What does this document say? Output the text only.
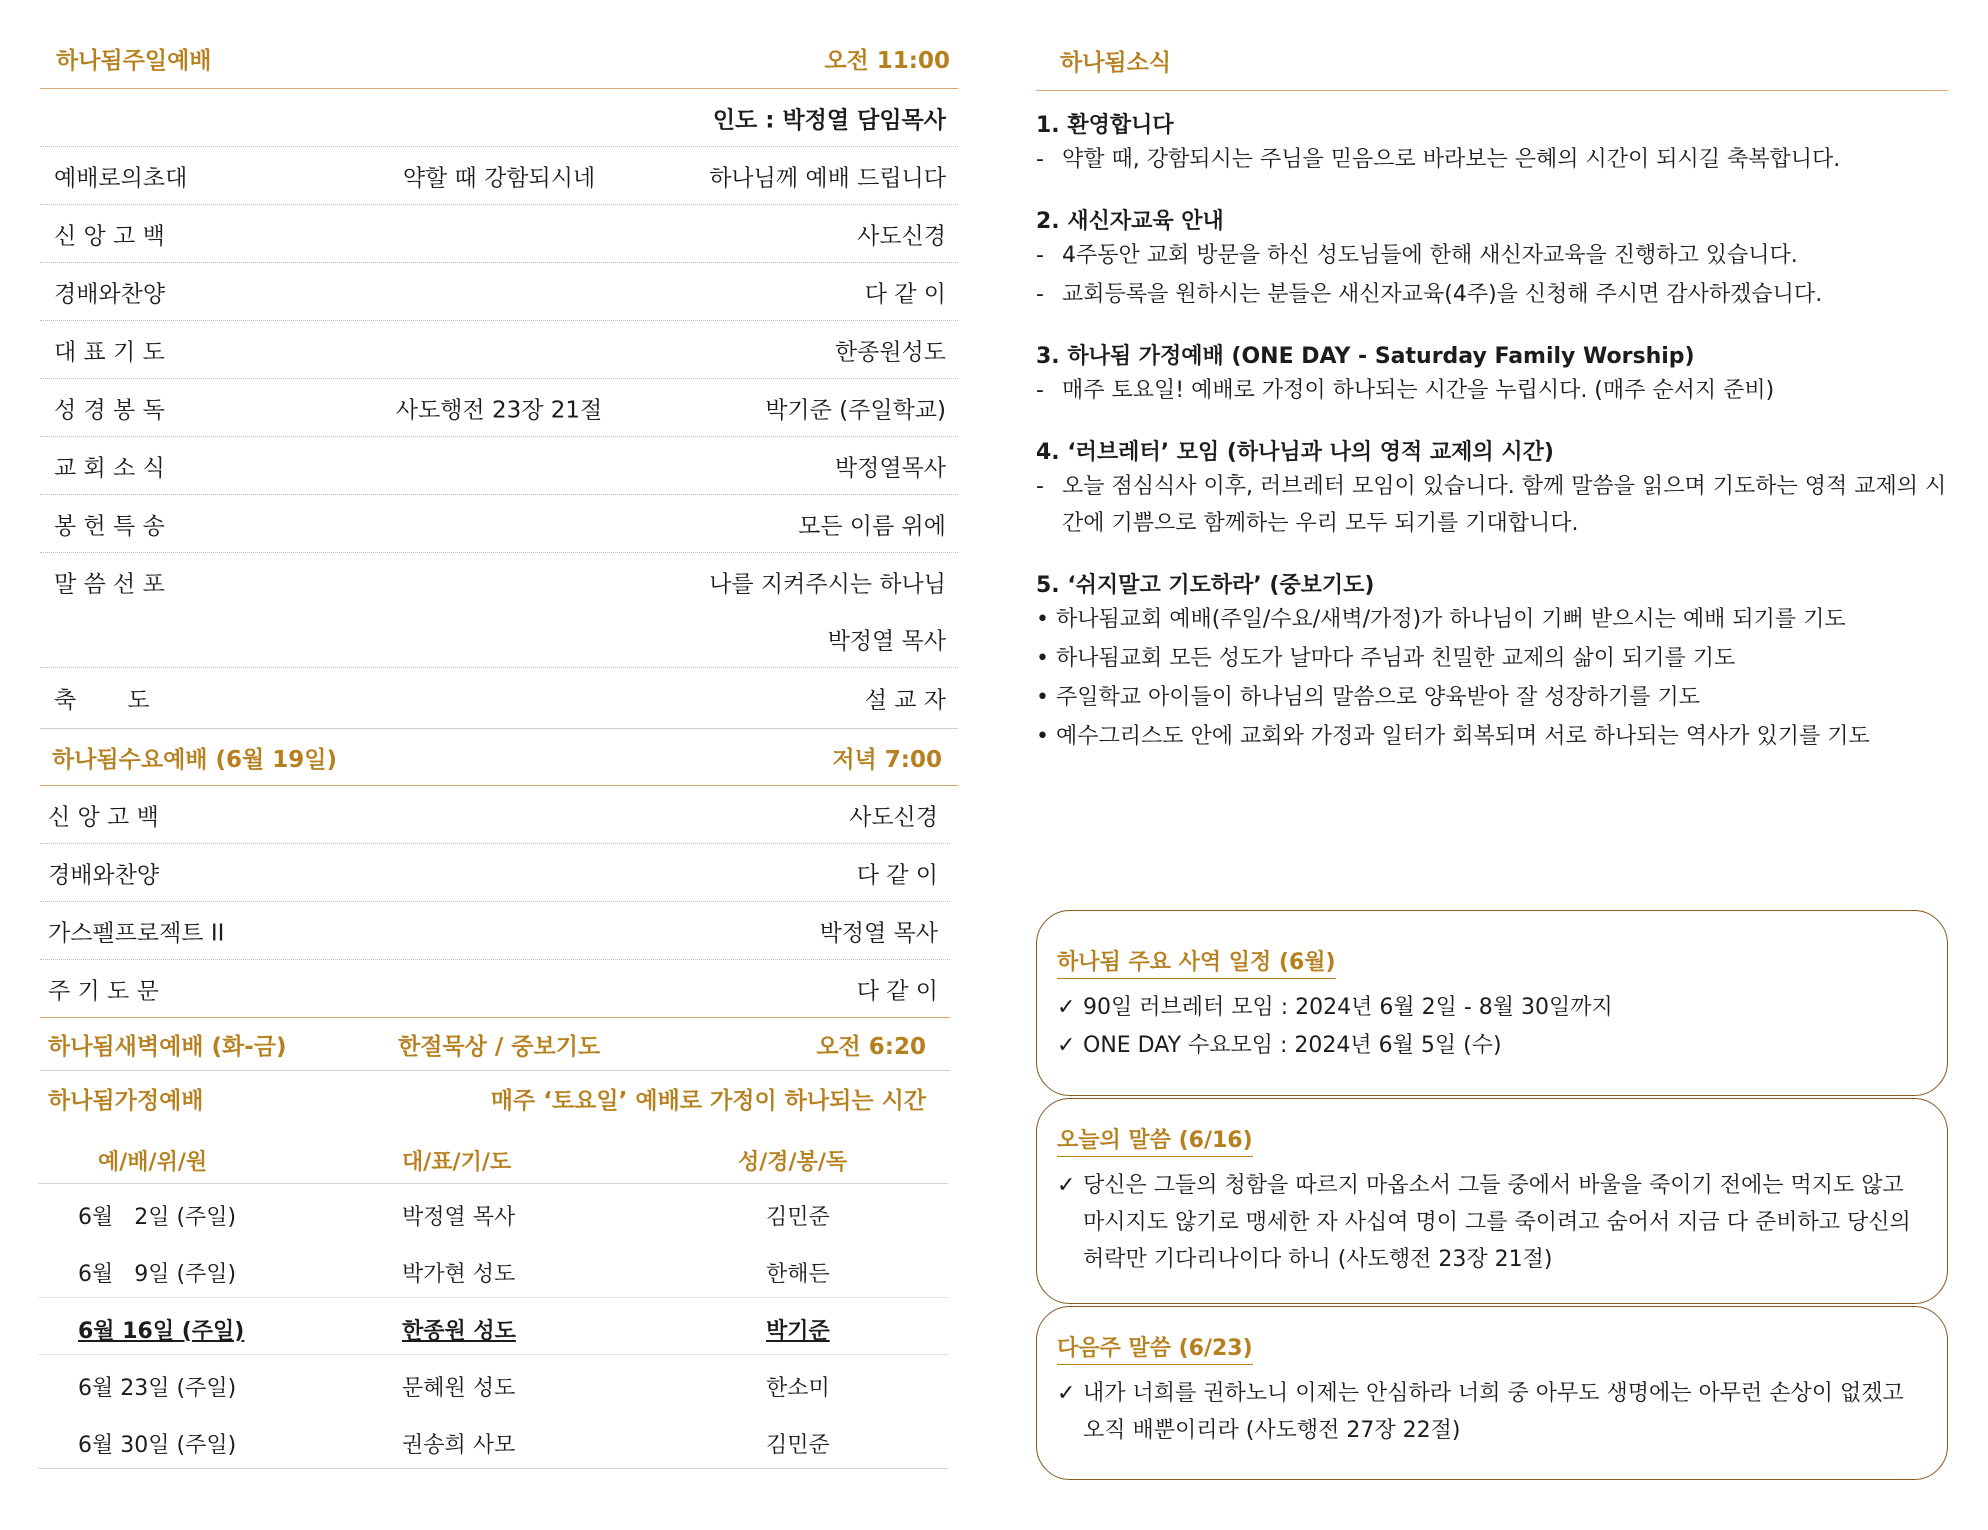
하나됨주일예배	오전 11:00
인도 : 박정열 담임목사
예배로의초대	약할 때 강함되시네	하나님께 예배 드립니다
신 앙 고 백	사도신경
경배와찬양	다 같 이
대 표 기 도	한종원성도
성 경 봉 독	사도행전 23장 21절	박기준 (주일학교)
교 회 소 식	박정열목사
봉 헌 특 송	모든 이름 위에
말 씀 선 포	나를 지켜주시는 하나님
박정열 목사
축       도	설 교 자
하나됨수요예배 (6월 19일)	저녁 7:00
신 앙 고 백	사도신경
경배와찬양	다 같 이
가스펠프로젝트 II	박정열 목사
주 기 도 문	다 같 이
하나됨새벽예배 (화-금)	한절묵상 / 중보기도	오전 6:20
하나됨가정예배	매주 ‘토요일’ 예배로 가정이 하나되는 시간
예/배/위/원	대/표/기/도	성/경/봉/독
6월   2일 (주일)	박정열 목사	김민준
6월   9일 (주일)	박가현 성도	한해든
6월 16일 (주일)	한종원 성도	박기준
6월 23일 (주일)	문혜원 성도	한소미
6월 30일 (주일)	권송희 사모	김민준
하나됨소식
1. 환영합니다
- 약할 때, 강함되시는 주님을 믿음으로 바라보는 은혜의 시간이 되시길 축복합니다.
2. 새신자교육 안내
- 4주동안 교회 방문을 하신 성도님들에 한해 새신자교육을 진행하고 있습니다.
- 교회등록을 원하시는 분들은 새신자교육(4주)을 신청해 주시면 감사하겠습니다.
3. 하나됨 가정예배 (ONE DAY - Saturday Family Worship)
- 매주 토요일! 예배로 가정이 하나되는 시간을 누립시다. (매주 순서지 준비)
4. ‘러브레터’ 모임 (하나님과 나의 영적 교제의 시간)
- 오늘 점심식사 이후, 러브레터 모임이 있습니다. 함께 말씀을 읽으며 기도하는 영적 교제의 시간에 기쁨으로 함께하는 우리 모두 되기를 기대합니다.
5. ‘쉬지말고 기도하라’ (중보기도)
• 하나됨교회 예배(주일/수요/새벽/가정)가 하나님이 기뻐 받으시는 예배 되기를 기도
• 하나됨교회 모든 성도가 날마다 주님과 친밀한 교제의 삶이 되기를 기도
• 주일학교 아이들이 하나님의 말씀으로 양육받아 잘 성장하기를 기도
• 예수그리스도 안에 교회와 가정과 일터가 회복되며 서로 하나되는 역사가 있기를 기도
하나됨 주요 사역 일정 (6월)
✓ 90일 러브레터 모임 : 2024년 6월 2일 - 8월 30일까지
✓ ONE DAY 수요모임 : 2024년 6월 5일 (수)
오늘의 말씀 (6/16)
✓ 당신은 그들의 청함을 따르지 마옵소서 그들 중에서 바울을 죽이기 전에는 먹지도 않고 마시지도 않기로 맹세한 자 사십여 명이 그를 죽이려고 숨어서 지금 다 준비하고 당신의 허락만 기다리나이다 하니 (사도행전 23장 21절)
다음주 말씀 (6/23)
✓ 내가 너희를 권하노니 이제는 안심하라 너희 중 아무도 생명에는 아무런 손상이 없겠고 오직 배뿐이리라 (사도행전 27장 22절)
